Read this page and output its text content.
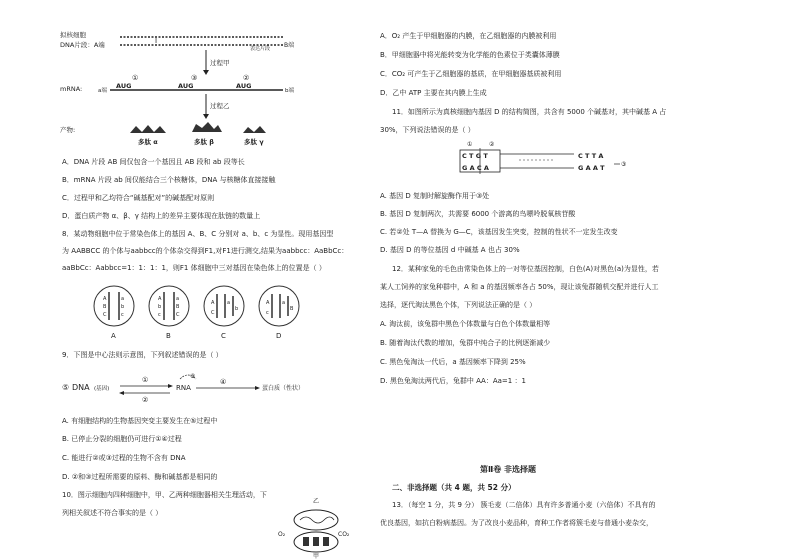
拟核细胞
DNA片段：A端	I
表达片段 B端
过程甲
①	③	②
mRNA:	a端
AUG	AUG	AUG
b端
过程乙
产物:
多肽 α	多肽 β	多肽 γ
A．DNA 片段 AB 间仅包含一个基因且 AB 段和 ab 段等长
B．mRNA 片段 ab 间仅能结合三个核糖体，DNA 与核糖体直接接触
C．过程甲和乙均符合“碱基配对”的碱基配对原则
D．蛋白质产物 α、β、γ 结构上的差异主要体现在肽链的数量上
8．某动物细胞中位于常染色体上的基因 A、B、C 分别对 a、b、c 为显性。现用基因型
为 AABBCC 的个体与aabbcc的个体杂交得到F1,对F1进行测交,结果为aabbcc：AaBbCc：
aaBbCc：Aabbcc=1：1：1：1，则F1 体细胞中三对基因在染色体上的位置是（ ）
A	a
B	b
C	c
A	a
b	B
c	C
A	a
C
b
A	a
c
B
A	B	C	D
9．下图是中心法则示意图，下列叙述错误的是（ ）
⑤ DNA (基因)
①
②
③
RNA
④
蛋白质（性状）
A. 有细胞结构的生物基因突变主要发生在⑤过程中
B. 已停止分裂的细胞仍可进行①④过程
C. 能进行②或③过程的生物不含有 DNA
D. ②和③过程所需要的原料、酶和碱基都是相同的
10．图示细胞内四种细胞中，甲、乙两种细胞器相关生理活动，下
列相关叙述不符合事实的是（ ）
乙
O₂	CO₂
甲
A．O₂ 产生于甲细胞器的内膜，在乙细胞器的内膜被利用
B．甲细胞器中将光能转变为化学能的色素位于类囊体薄膜
C．CO₂ 可产生于乙细胞器的基质，在甲细胞器基质被利用
D．乙中 ATP 主要在其内膜上生成
11．如图所示为真核细胞内基因 D 的结构简图，共含有 5000 个碱基对，其中碱基 A 占
30%，下列说法错误的是（ ）
①	②
C T G T
G A C A
C T T A
G A A T	③
A. 基因 D 复制时解旋酶作用于③处
B. 基因 D 复制两次，共需要 6000 个游离的鸟嘌呤脱氧核苷酸
C. 若②处 T—A 替换为 G—C，该基因发生突变，控制的性状不一定发生改变
D. 基因 D 的等位基因 d 中碱基 A 也占 30%
12．某种家兔的毛色由常染色体上的一对等位基因控制，白色(A)对黑色(a)为显性，若
某人工饲养的家兔种群中，A 和 a 的基因频率各占 50%，现让该兔群随机交配并进行人工
选择，逐代淘汰黑色个体，下列说法正确的是（ ）
A. 淘汰前，该兔群中黑色个体数量与白色个体数量相等
B. 随着淘汰代数的增加，兔群中纯合子的比例逐渐减少
C. 黑色兔淘汰一代后，a 基因频率下降到 25%
D. 黑色兔淘汰两代后，兔群中 AA：Aa=1 ：1
第Ⅱ卷 非选择题
二、非选择题（共 4 题，共 52 分）
13．（每空 1 分，共 9 分） 簇毛麦（二倍体）具有许多普通小麦（六倍体）不具有的
优良基因，如抗白粉病基因。为了改良小麦品种，育种工作者将簇毛麦与普通小麦杂交，
